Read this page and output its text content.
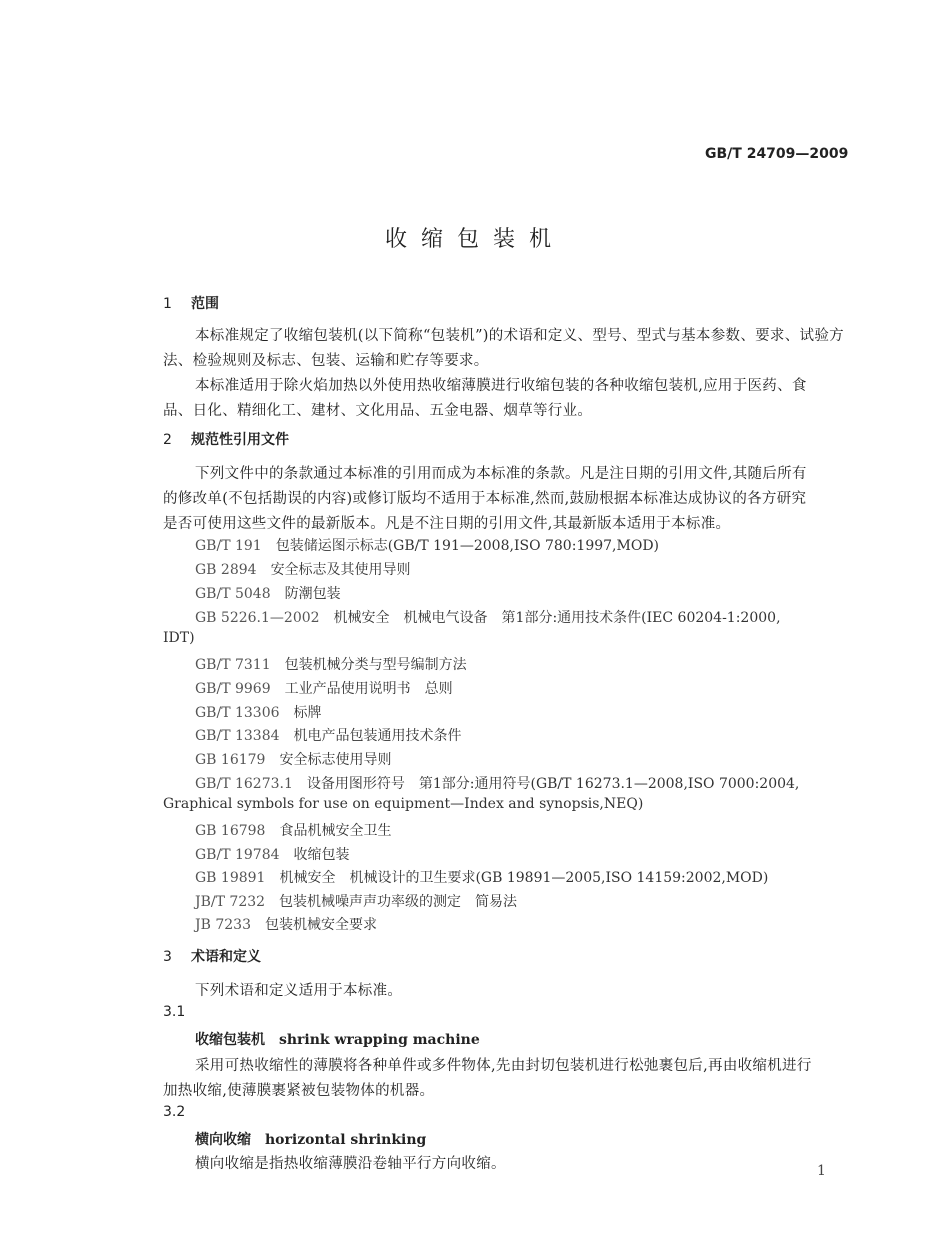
GB/T 24709—2009
收缩包装机
1 范围
本标准规定了收缩包装机(以下简称“包装机”)的术语和定义、型号、型式与基本参数、要求、试验方
法、检验规则及标志、包装、运输和贮存等要求。
本标准适用于除火焰加热以外使用热收缩薄膜进行收缩包装的各种收缩包装机,应用于医药、食
品、日化、精细化工、建材、文化用品、五金电器、烟草等行业。
2 规范性引用文件
下列文件中的条款通过本标准的引用而成为本标准的条款。凡是注日期的引用文件,其随后所有
的修改单(不包括勘误的内容)或修订版均不适用于本标准,然而,鼓励根据本标准达成协议的各方研究
是否可使用这些文件的最新版本。凡是不注日期的引用文件,其最新版本适用于本标准。
GB/T 191　 包装储运图示标志(GB/T 191—2008,ISO 780:1997,MOD)
GB 2894　 安全标志及其使用导则
GB/T 5048　 防潮包装
GB 5226.1—2002　 机械安全　机械电气设备　第1部分:通用技术条件(IEC 60204-1:2000,
IDT)
GB/T 7311　 包装机械分类与型号编制方法
GB/T 9969　 工业产品使用说明书　总则
GB/T 13306　 标牌
GB/T 13384　 机电产品包装通用技术条件
GB 16179　 安全标志使用导则
GB/T 16273.1　 设备用图形符号　第1部分:通用符号(GB/T 16273.1—2008,ISO 7000:2004,
Graphical symbols for use on equipment—Index and synopsis,NEQ)
GB 16798　 食品机械安全卫生
GB/T 19784　 收缩包装
GB 19891　 机械安全　机械设计的卫生要求(GB 19891—2005,ISO 14159:2002,MOD)
JB/T 7232　 包装机械噪声声功率级的测定　简易法
JB 7233　 包装机械安全要求
3 术语和定义
下列术语和定义适用于本标准。
3.1
收缩包装机 shrink wrapping machine
采用可热收缩性的薄膜将各种单件或多件物体,先由封切包装机进行松弛裹包后,再由收缩机进行
加热收缩,使薄膜裹紧被包装物体的机器。
3.2
横向收缩 horizontal shrinking
横向收缩是指热收缩薄膜沿卷轴平行方向收缩。	1
